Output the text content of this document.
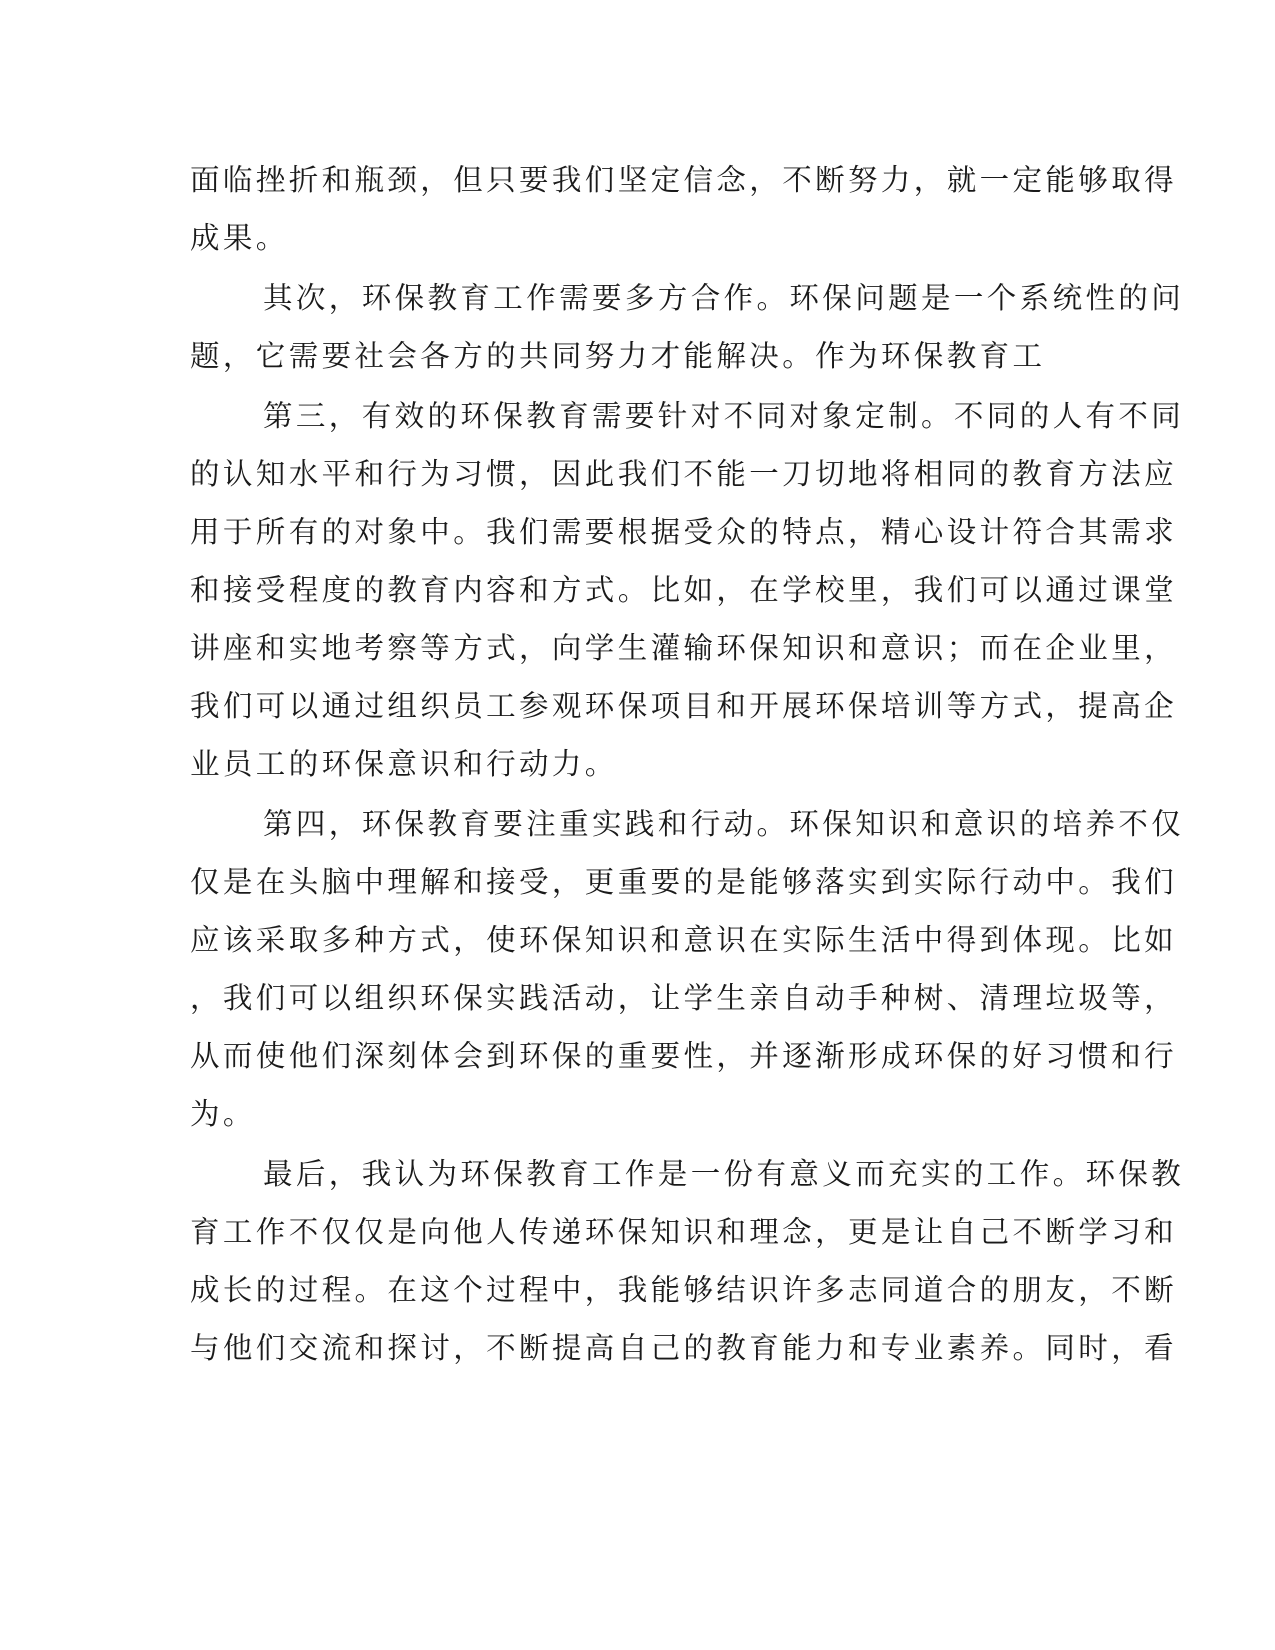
面临挫折和瓶颈，但只要我们坚定信念，不断努力，就一定能够取得

成果。

其次，环保教育工作需要多方合作。环保问题是一个系统性的问

题，它需要社会各方的共同努力才能解决。作为环保教育工

第三，有效的环保教育需要针对不同对象定制。不同的人有不同

的认知水平和行为习惯，因此我们不能一刀切地将相同的教育方法应

用于所有的对象中。我们需要根据受众的特点，精心设计符合其需求

和接受程度的教育内容和方式。比如，在学校里，我们可以通过课堂

讲座和实地考察等方式，向学生灌输环保知识和意识；而在企业里，

我们可以通过组织员工参观环保项目和开展环保培训等方式，提高企

业员工的环保意识和行动力。

第四，环保教育要注重实践和行动。环保知识和意识的培养不仅

仅是在头脑中理解和接受，更重要的是能够落实到实际行动中。我们

应该采取多种方式，使环保知识和意识在实际生活中得到体现。比如

，我们可以组织环保实践活动，让学生亲自动手种树、清理垃圾等，

从而使他们深刻体会到环保的重要性，并逐渐形成环保的好习惯和行

为。

最后，我认为环保教育工作是一份有意义而充实的工作。环保教

育工作不仅仅是向他人传递环保知识和理念，更是让自己不断学习和

成长的过程。在这个过程中，我能够结识许多志同道合的朋友，不断

与他们交流和探讨，不断提高自己的教育能力和专业素养。同时，看
